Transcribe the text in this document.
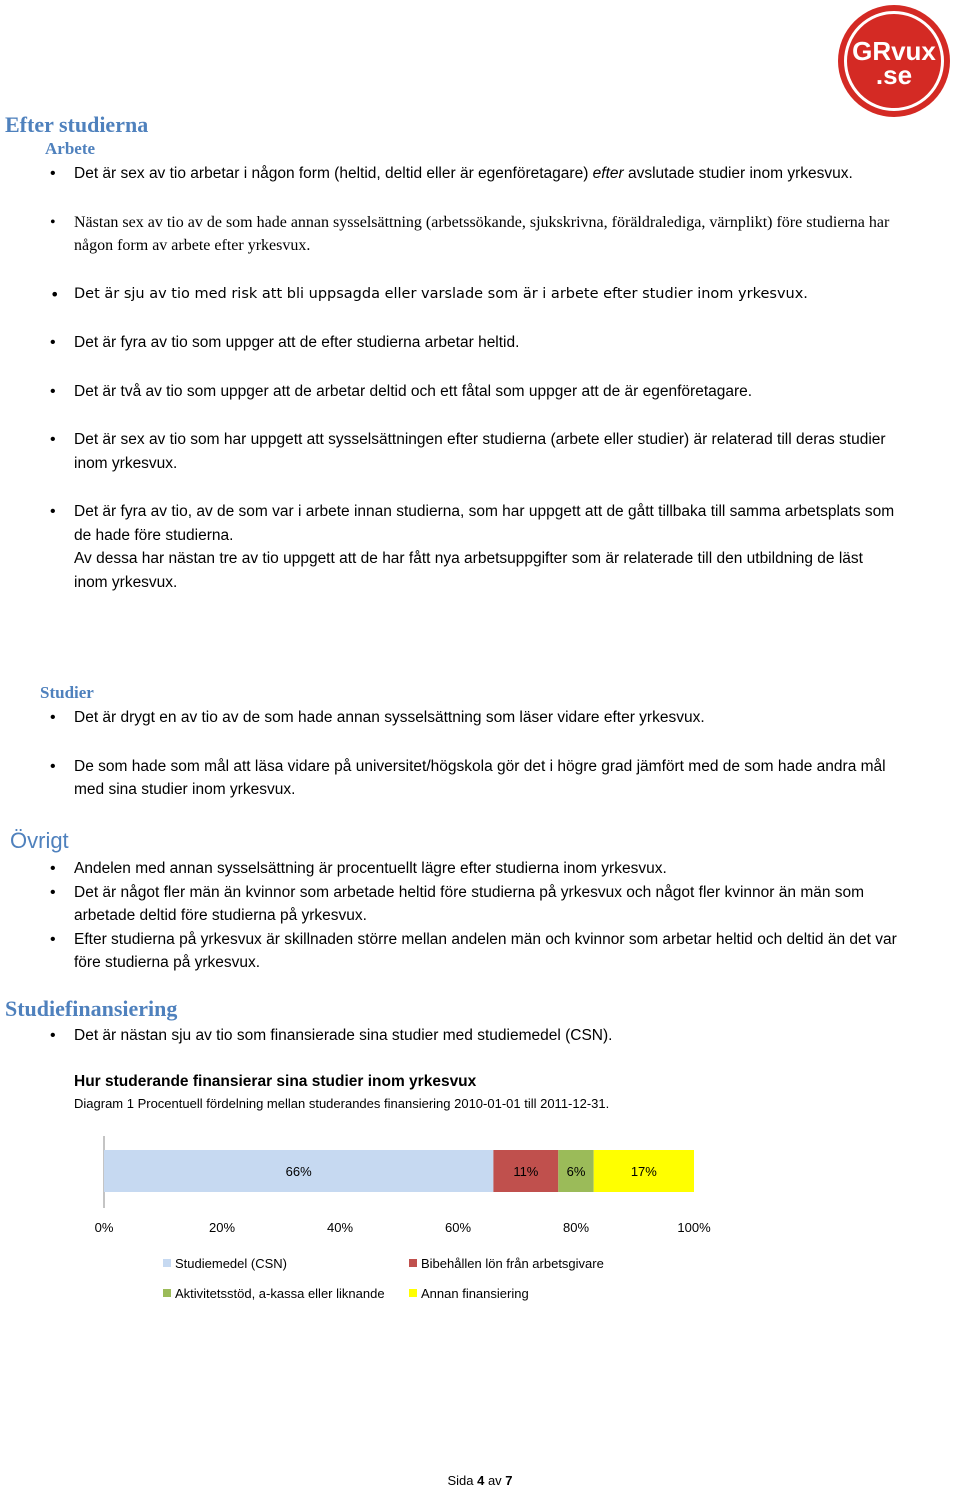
GRvux
.se
Efter studierna
Arbete
• Det är sex av tio arbetar i någon form (heltid, deltid eller är egenföretagare) efter avslutade studier inom yrkesvux.
• Nästan sex av tio av de som hade annan sysselsättning (arbetssökande, sjukskrivna, föräldralediga, värnplikt) före studierna har någon form av arbete efter yrkesvux.
• Det är sju av tio med risk att bli uppsagda eller varslade som är i arbete efter studier inom yrkesvux.
• Det är fyra av tio som uppger att de efter studierna arbetar heltid.
• Det är två av tio som uppger att de arbetar deltid och ett fåtal som uppger att de är egenföretagare.
• Det är sex av tio som har uppgett att sysselsättningen efter studierna (arbete eller studier) är relaterad till deras studier inom yrkesvux.
• Det är fyra av tio, av de som var i arbete innan studierna, som har uppgett att de gått tillbaka till samma arbetsplats som de hade före studierna.
Av dessa har nästan tre av tio uppgett att de har fått nya arbetsuppgifter som är relaterade till den utbildning de läst inom yrkesvux.
Studier
• Det är drygt en av tio av de som hade annan sysselsättning som läser vidare efter yrkesvux.
• De som hade som mål att läsa vidare på universitet/högskola gör det i högre grad jämfört med de som hade andra mål med sina studier inom yrkesvux.
Övrigt
• Andelen med annan sysselsättning är procentuellt lägre efter studierna inom yrkesvux.
• Det är något fler män än kvinnor som arbetade heltid före studierna på yrkesvux och något fler kvinnor än män som arbetade deltid före studierna på yrkesvux.
• Efter studierna på yrkesvux är skillnaden större mellan andelen män och kvinnor som arbetar heltid och deltid än det var före studierna på yrkesvux.
Studiefinansiering
• Det är nästan sju av tio som finansierade sina studier med studiemedel (CSN).
Hur studerande finansierar sina studier inom yrkesvux
Diagram 1 Procentuell fördelning mellan studerandes finansiering 2010-01-01 till 2011-12-31.
66%	11% 6%	17%
0%	20%	40%	60%	80%	100%
Studiemedel (CSN)	Bibehållen lön från arbetsgivare
Aktivitetsstöd, a-kassa eller liknande	Annan finansiering
Sida 4 av 7
